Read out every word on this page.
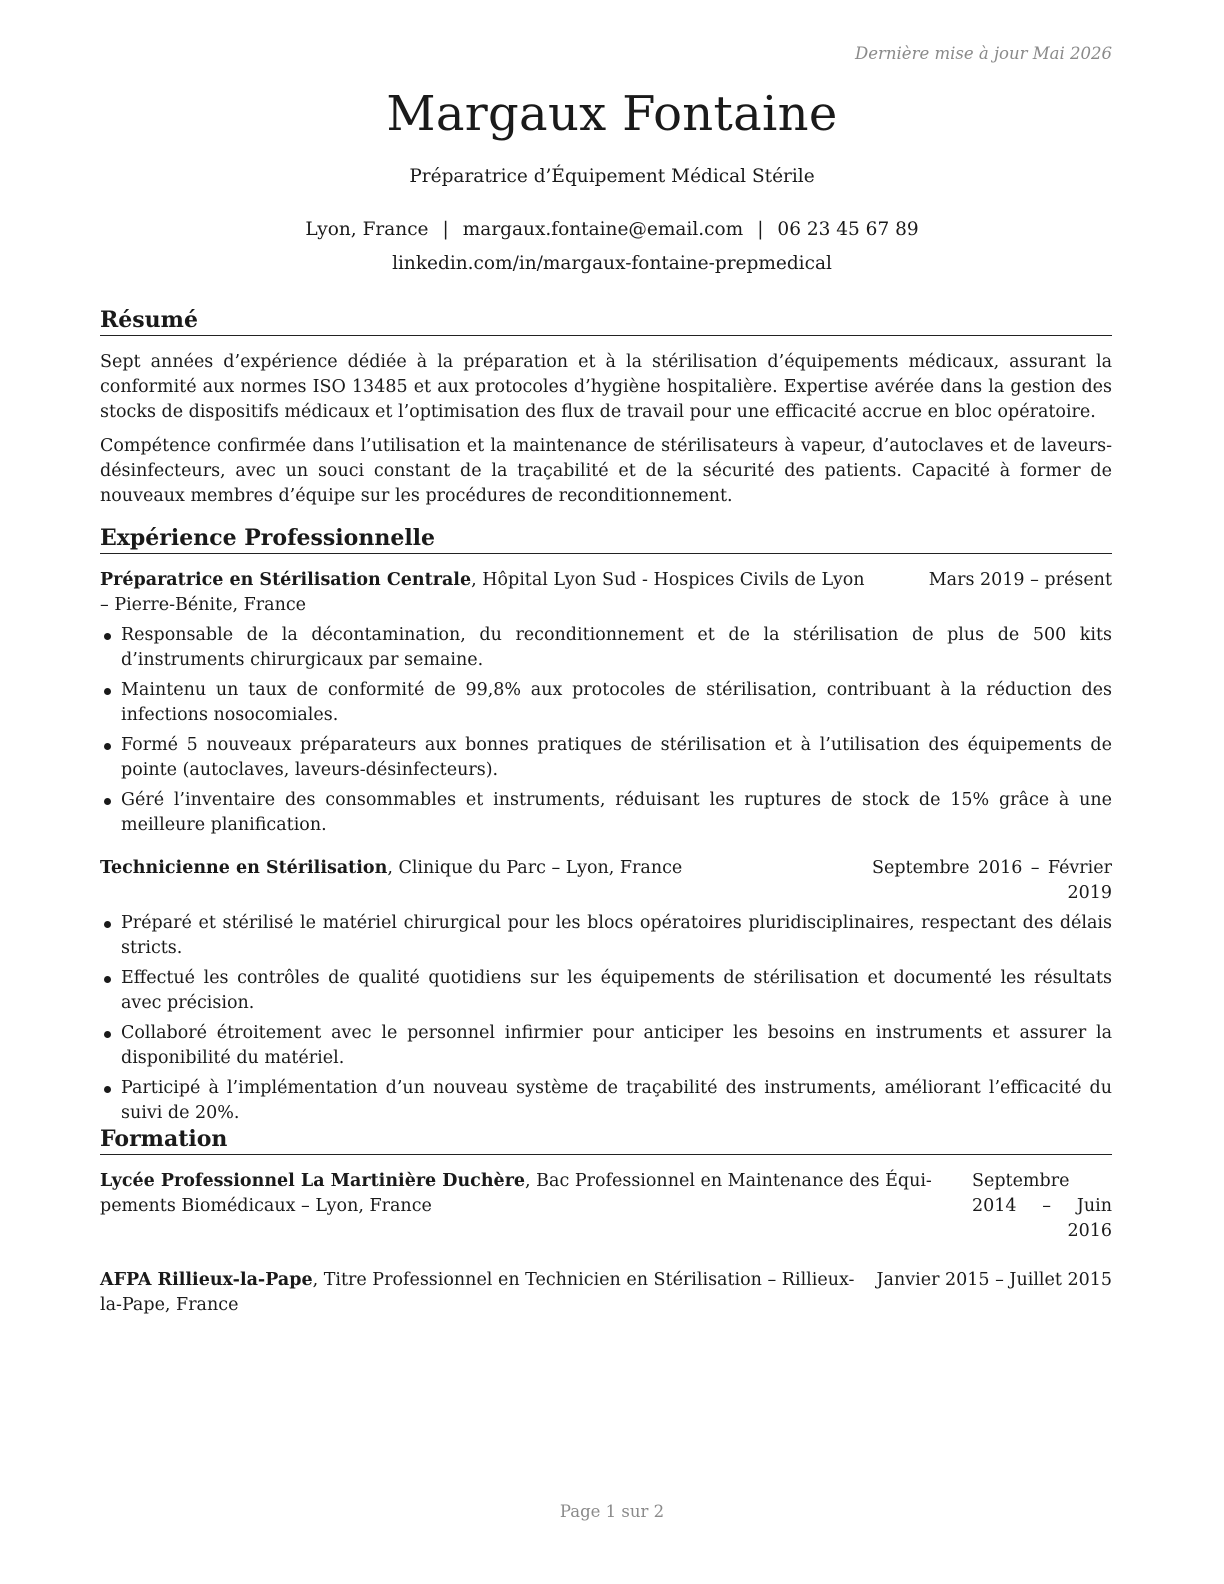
Dernière mise à jour Mai 2026
Margaux Fontaine
Préparatrice d’Équipement Médical Stérile
Lyon, France | margaux.fontaine@email.com | 06 23 45 67 89
linkedin.com/in/margaux-fontaine-prepmedical
Résumé

Sept années d’expérience dédiée à la préparation et à la stérilisation d’équipements médicaux, assurant la conformité aux normes ISO 13485 et aux protocoles d’hygiène hospitalière. Expertise avérée dans la gestion des stocks de dispositifs médicaux et l’optimisation des flux de travail pour une efficacité accrue en bloc opératoire.

Compétence confirmée dans l’utilisation et la maintenance de stérilisateurs à vapeur, d’autoclaves et de laveurs-désinfecteurs, avec un souci constant de la traçabilité et de la sécurité des patients. Capacité à former de nouveaux membres d’équipe sur les procédures de reconditionnement.

Expérience Professionnelle
Préparatrice en Stérilisation Centrale, Hôpital Lyon Sud - Hospices Civils de Lyon – Pierre-Bénite, France
Mars 2019 – présent
Responsable de la décontamination, du reconditionnement et de la stérilisation de plus de 500 kits d’instruments chirurgicaux par semaine.
Maintenu un taux de conformité de 99,8% aux protocoles de stérilisation, contribuant à la réduction des infections nosocomiales.
Formé 5 nouveaux préparateurs aux bonnes pratiques de stérilisation et à l’utilisation des équipements de pointe (autoclaves, laveurs-désinfecteurs).
Géré l’inventaire des consommables et instruments, réduisant les ruptures de stock de 15% grâce à une meilleure planification.
Technicienne en Stérilisation, Clinique du Parc – Lyon, France	Septembre 2016 – Février 2019
Préparé et stérilisé le matériel chirurgical pour les blocs opératoires pluridisciplinaires, respectant des délais stricts.
Effectué les contrôles de qualité quotidiens sur les équipements de stérilisation et documenté les résultats avec précision.
Collaboré étroitement avec le personnel infirmier pour anticiper les besoins en instruments et assurer la disponibilité du matériel.
Participé à l’implémentation d’un nouveau système de traçabilité des instruments, améliorant l’efficacité du suivi de 20%.
Formation
Lycée Professionnel La Martinière Duchère, Bac Professionnel en Maintenance des Équi-pements Biomédicaux – Lyon, France
Septembre 2014 – Juin 2016
AFPA Rillieux-la-Pape, Titre Professionnel en Technicien en Stérilisation – Rillieux-la-Pape, France
Janvier 2015 – Juillet 2015
Page 1 sur 2
